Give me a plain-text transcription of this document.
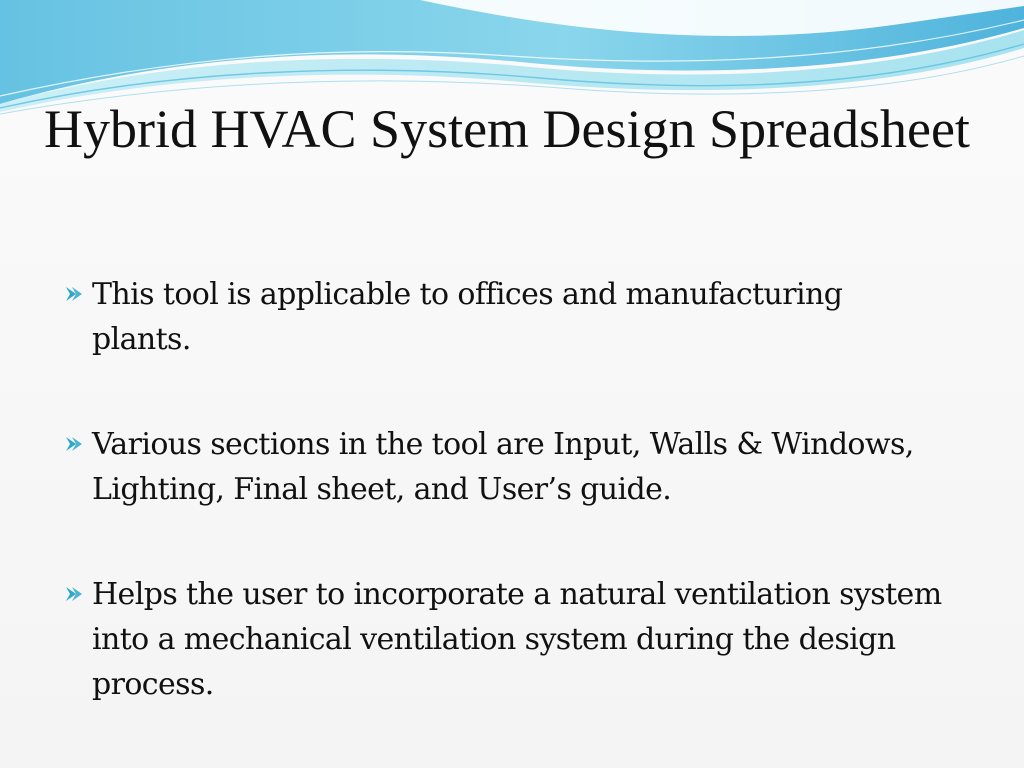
Hybrid HVAC System Design Spreadsheet
This tool is applicable to offices and manufacturing plants.
Various sections in the tool are Input, Walls & Windows, Lighting, Final sheet, and User’s guide.
Helps the user to incorporate a natural ventilation system into a mechanical ventilation system during the design process.
